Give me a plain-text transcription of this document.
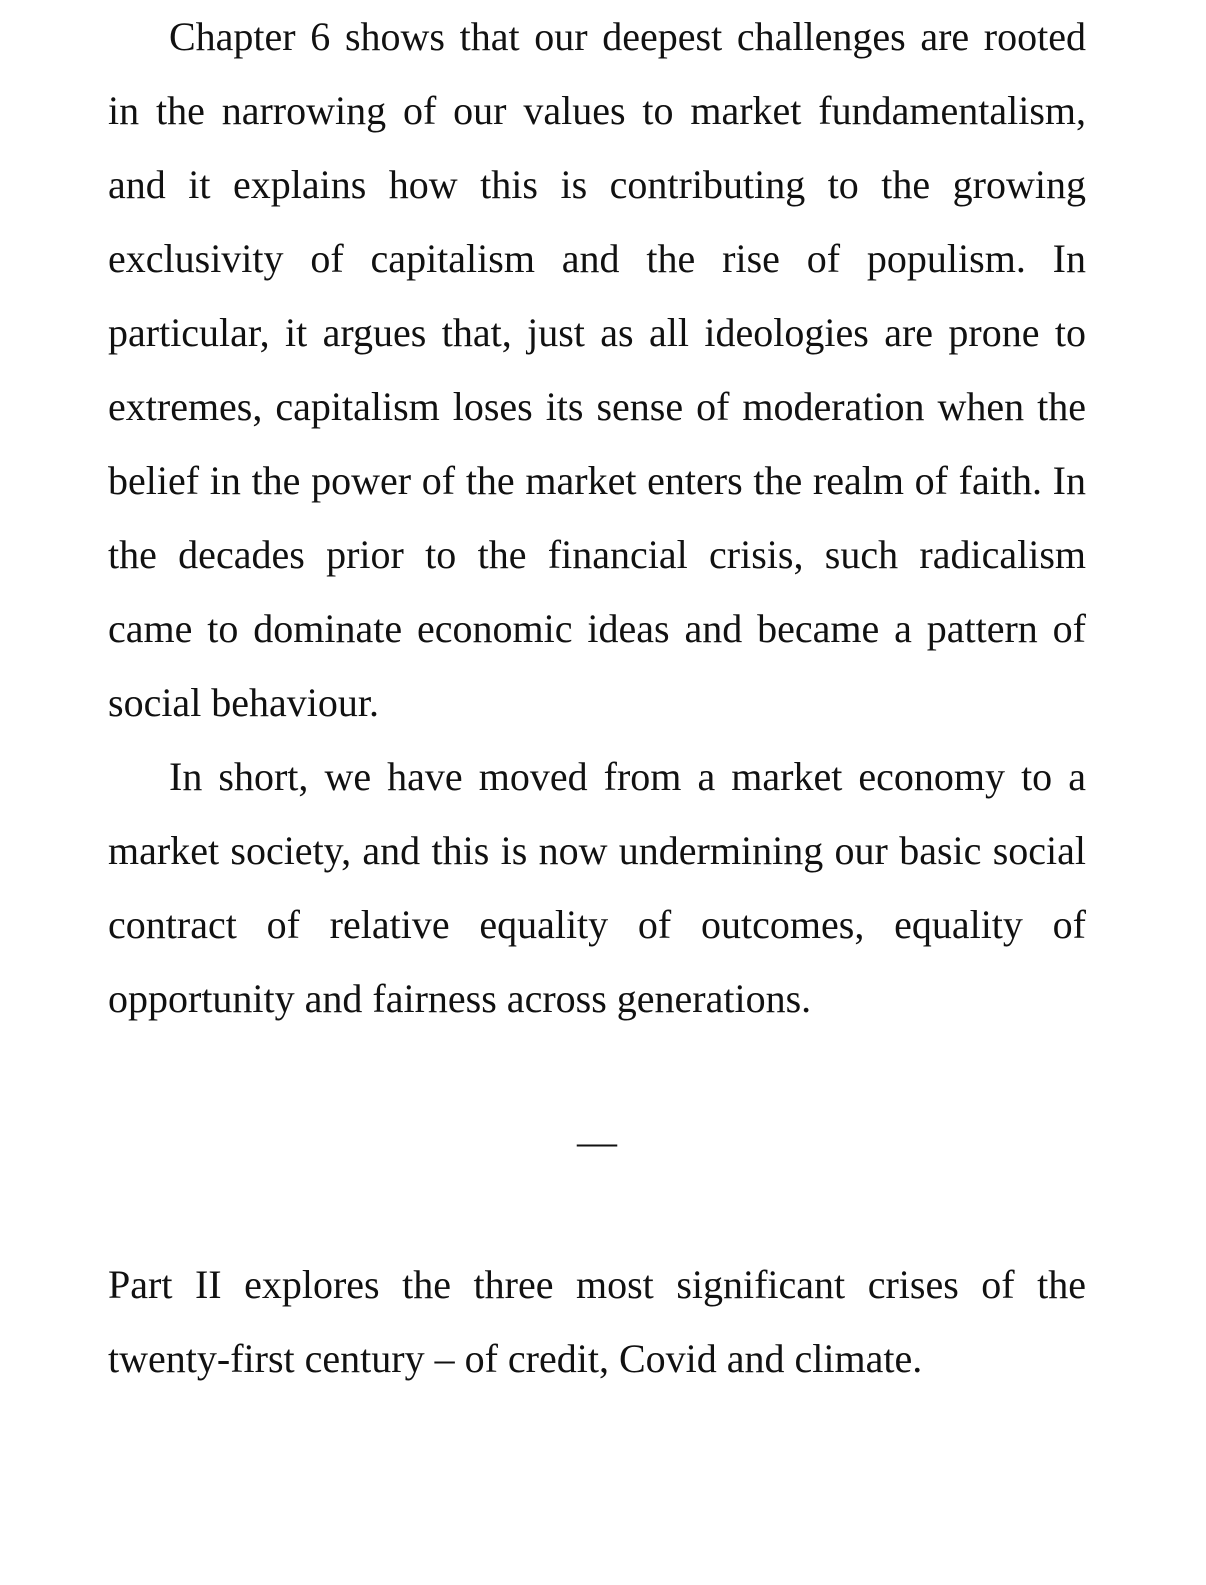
Chapter 6 shows that our deepest challenges are rooted in the narrowing of our values to market fundamentalism, and it explains how this is contributing to the growing exclusivity of capitalism and the rise of populism. In particular, it argues that, just as all ideologies are prone to extremes, capitalism loses its sense of moderation when the belief in the power of the market enters the realm of faith. In the decades prior to the financial crisis, such radicalism came to dominate economic ideas and became a pattern of social behaviour.

In short, we have moved from a market economy to a market society, and this is now undermining our basic social contract of relative equality of outcomes, equality of opportunity and fairness across generations.

—

Part II explores the three most significant crises of the twenty-first century – of credit, Covid and climate.
